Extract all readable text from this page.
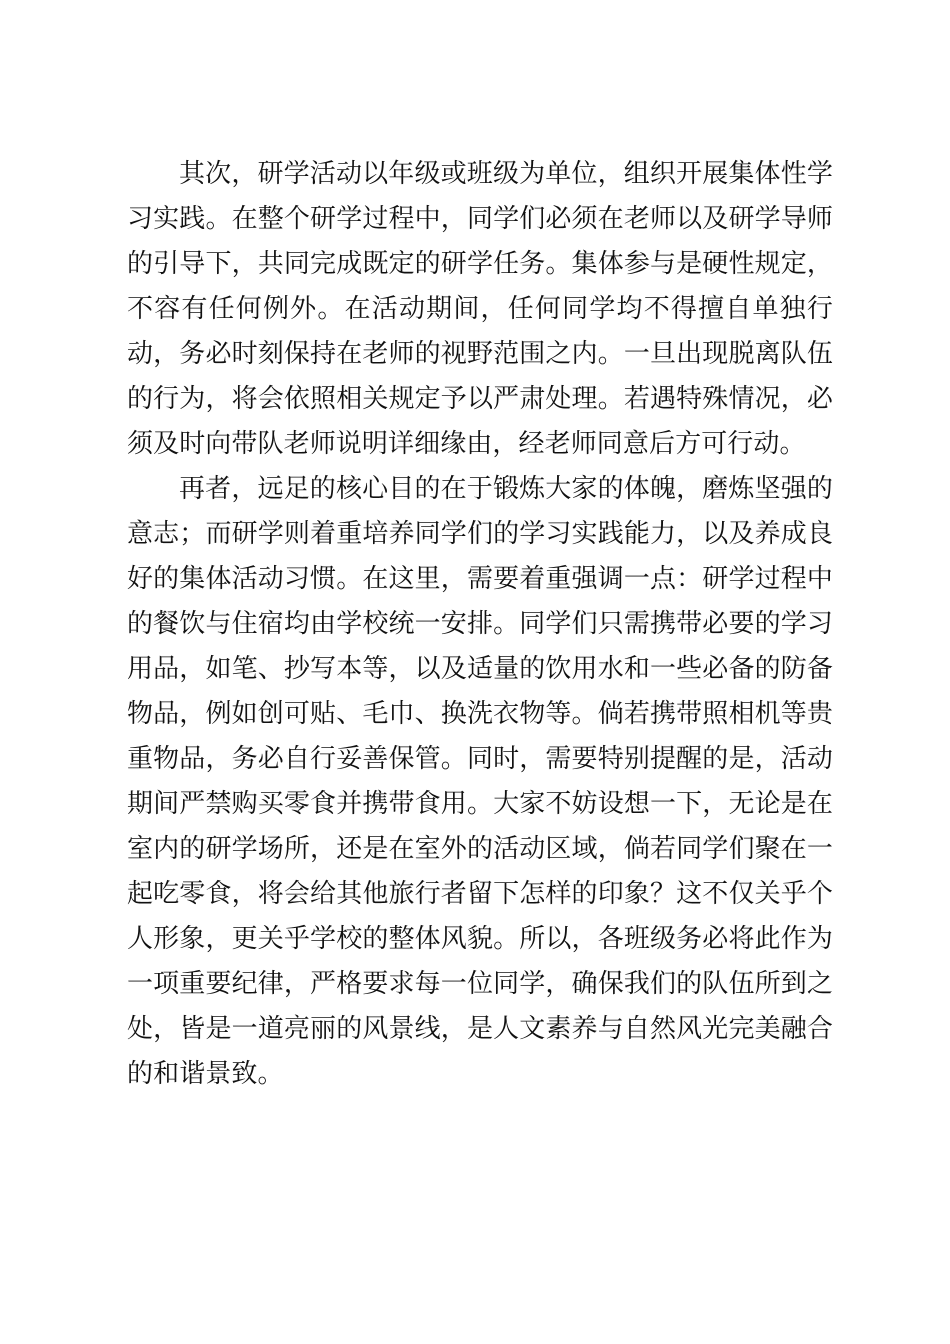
其次，研学活动以年级或班级为单位，组织开展集体性学习实践。在整个研学过程中，同学们必须在老师以及研学导师的引导下，共同完成既定的研学任务。集体参与是硬性规定，不容有任何例外。在活动期间，任何同学均不得擅自单独行动，务必时刻保持在老师的视野范围之内。一旦出现脱离队伍的行为，将会依照相关规定予以严肃处理。若遇特殊情况，必须及时向带队老师说明详细缘由，经老师同意后方可行动。

再者，远足的核心目的在于锻炼大家的体魄，磨炼坚强的意志；而研学则着重培养同学们的学习实践能力，以及养成良好的集体活动习惯。在这里，需要着重强调一点：研学过程中的餐饮与住宿均由学校统一安排。同学们只需携带必要的学习用品，如笔、抄写本等，以及适量的饮用水和一些必备的防备物品，例如创可贴、毛巾、换洗衣物等。倘若携带照相机等贵重物品，务必自行妥善保管。同时，需要特别提醒的是，活动期间严禁购买零食并携带食用。大家不妨设想一下，无论是在室内的研学场所，还是在室外的活动区域，倘若同学们聚在一起吃零食，将会给其他旅行者留下怎样的印象？这不仅关乎个人形象，更关乎学校的整体风貌。所以，各班级务必将此作为一项重要纪律，严格要求每一位同学，确保我们的队伍所到之处，皆是一道亮丽的风景线，是人文素养与自然风光完美融合的和谐景致。
